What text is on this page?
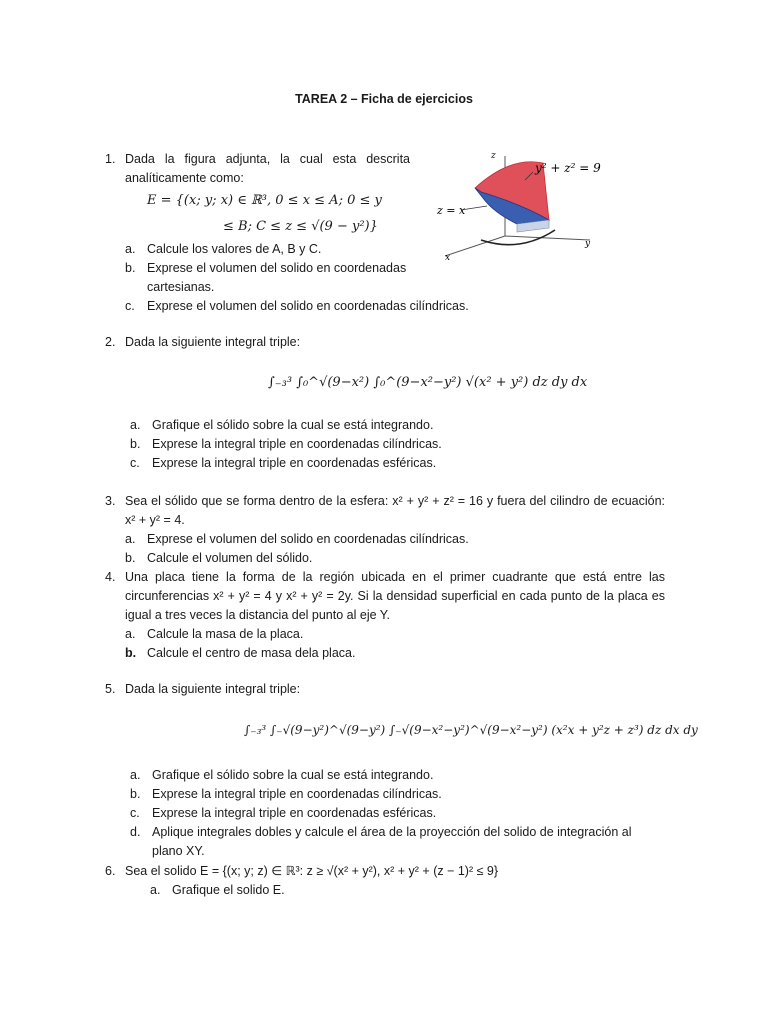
TAREA 2 – Ficha de ejercicios
1. Dada la figura adjunta, la cual esta descrita analíticamente como:
E = {(x; y; x) ∈ ℝ³, 0 ≤ x ≤ A; 0 ≤ y
≤ B; C ≤ z ≤ √(9 − y²)}
a. Calcule los valores de A, B y C.
b. Exprese el volumen del solido en coordenadas cartesianas.
c. Exprese el volumen del solido en coordenadas cilíndricas.
z
y
x
y² + z² = 9
z = x
2. Dada la siguiente integral triple:
∫₋₃³ ∫₀^√(9−x²) ∫₀^(9−x²−y²) √(x² + y²) dz dy dx
a. Grafique el sólido sobre la cual se está integrando.
b. Exprese la integral triple en coordenadas cilíndricas.
c. Exprese la integral triple en coordenadas esféricas.
3. Sea el sólido que se forma dentro de la esfera: x² + y² + z² = 16 y fuera del cilindro de ecuación: x² + y² = 4.
a. Exprese el volumen del solido en coordenadas cilíndricas.
b. Calcule el volumen del sólido.
4. Una placa tiene la forma de la región ubicada en el primer cuadrante que está entre las circunferencias x² + y² = 4 y x² + y² = 2y. Si la densidad superficial en cada punto de la placa es igual a tres veces la distancia del punto al eje Y.
a. Calcule la masa de la placa.
b. Calcule el centro de masa dela placa.
5. Dada la siguiente integral triple:
∫₋₃³ ∫₋√(9−y²)^√(9−y²) ∫₋√(9−x²−y²)^√(9−x²−y²) (x²x + y²z + z³) dz dx dy
a. Grafique el sólido sobre la cual se está integrando.
b. Exprese la integral triple en coordenadas cilíndricas.
c. Exprese la integral triple en coordenadas esféricas.
d. Aplique integrales dobles y calcule el área de la proyección del solido de integración al plano XY.
6. Sea el solido E = {(x; y; z) ∈ ℝ³: z ≥ √(x² + y²), x² + y² + (z − 1)² ≤ 9}
a. Grafique el solido E.
